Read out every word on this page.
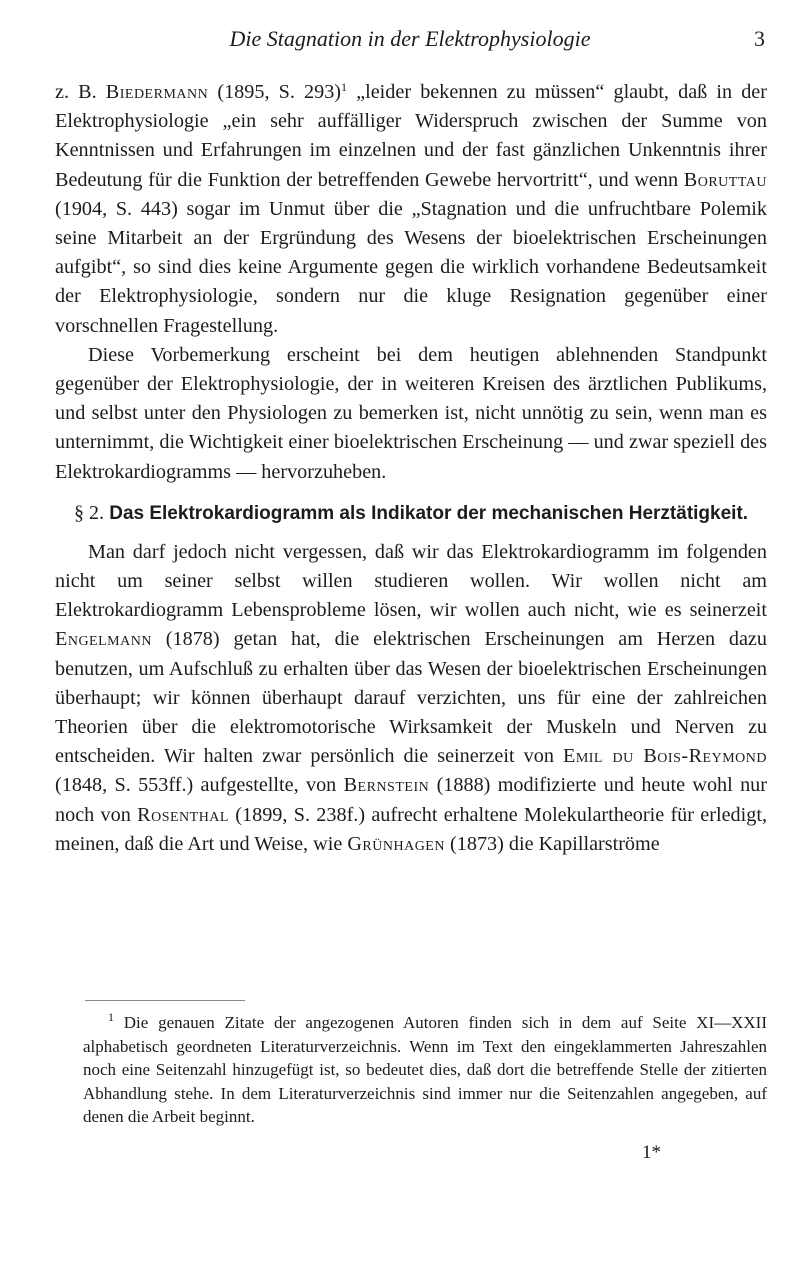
Die Stagnation in der Elektrophysiologie	3

z. B. Biedermann (1895, S. 293)$^1$ „leider bekennen zu müssen“ glaubt, daß in der Elektrophysiologie „ein sehr auffälliger Widerspruch zwischen der Summe von Kenntnissen und Erfahrungen im einzelnen und der fast gänzlichen Unkenntnis ihrer Bedeutung für die Funktion der betreffenden Gewebe hervortritt“, und wenn Boruttau (1904, S. 443) sogar im Unmut über die „Stagnation und die unfruchtbare Polemik seine Mitarbeit an der Ergründung des Wesens der bioelektrischen Erscheinungen aufgibt“, so sind dies keine Argumente gegen die wirklich vorhandene Bedeutsamkeit der Elektrophysiologie, sondern nur die kluge Resignation gegenüber einer vorschnellen Fragestellung.

Diese Vorbemerkung erscheint bei dem heutigen ablehnenden Standpunkt gegenüber der Elektrophysiologie, der in weiteren Kreisen des ärztlichen Publikums, und selbst unter den Physiologen zu bemerken ist, nicht unnötig zu sein, wenn man es unternimmt, die Wichtigkeit einer bioelektrischen Erscheinung — und zwar speziell des Elektrokardiogramms — hervorzuheben.

§ 2. Das Elektrokardiogramm als Indikator der mechanischen Herztätigkeit.

Man darf jedoch nicht vergessen, daß wir das Elektrokardiogramm im folgenden nicht um seiner selbst willen studieren wollen. Wir wollen nicht am Elektrokardiogramm Lebensprobleme lösen, wir wollen auch nicht, wie es seinerzeit Engelmann (1878) getan hat, die elektrischen Erscheinungen am Herzen dazu benutzen, um Aufschluß zu erhalten über das Wesen der bioelektrischen Erscheinungen überhaupt; wir können überhaupt darauf verzichten, uns für eine der zahlreichen Theorien über die elektromotorische Wirksamkeit der Muskeln und Nerven zu entscheiden. Wir halten zwar persönlich die seinerzeit von Emil du Bois-Reymond (1848, S. 553ff.) aufgestellte, von Bernstein (1888) modifizierte und heute wohl nur noch von Rosenthal (1899, S. 238f.) aufrecht erhaltene Molekulartheorie für erledigt, meinen, daß die Art und Weise, wie Grünhagen (1873) die Kapillarströme

$^1$ Die genauen Zitate der angezogenen Autoren finden sich in dem auf Seite XI—XXII alphabetisch geordneten Literaturverzeichnis. Wenn im Text den eingeklammerten Jahreszahlen noch eine Seitenzahl hinzugefügt ist, so bedeutet dies, daß dort die betreffende Stelle der zitierten Abhandlung stehe. In dem Literaturverzeichnis sind immer nur die Seitenzahlen angegeben, auf denen die Arbeit beginnt.

1*
